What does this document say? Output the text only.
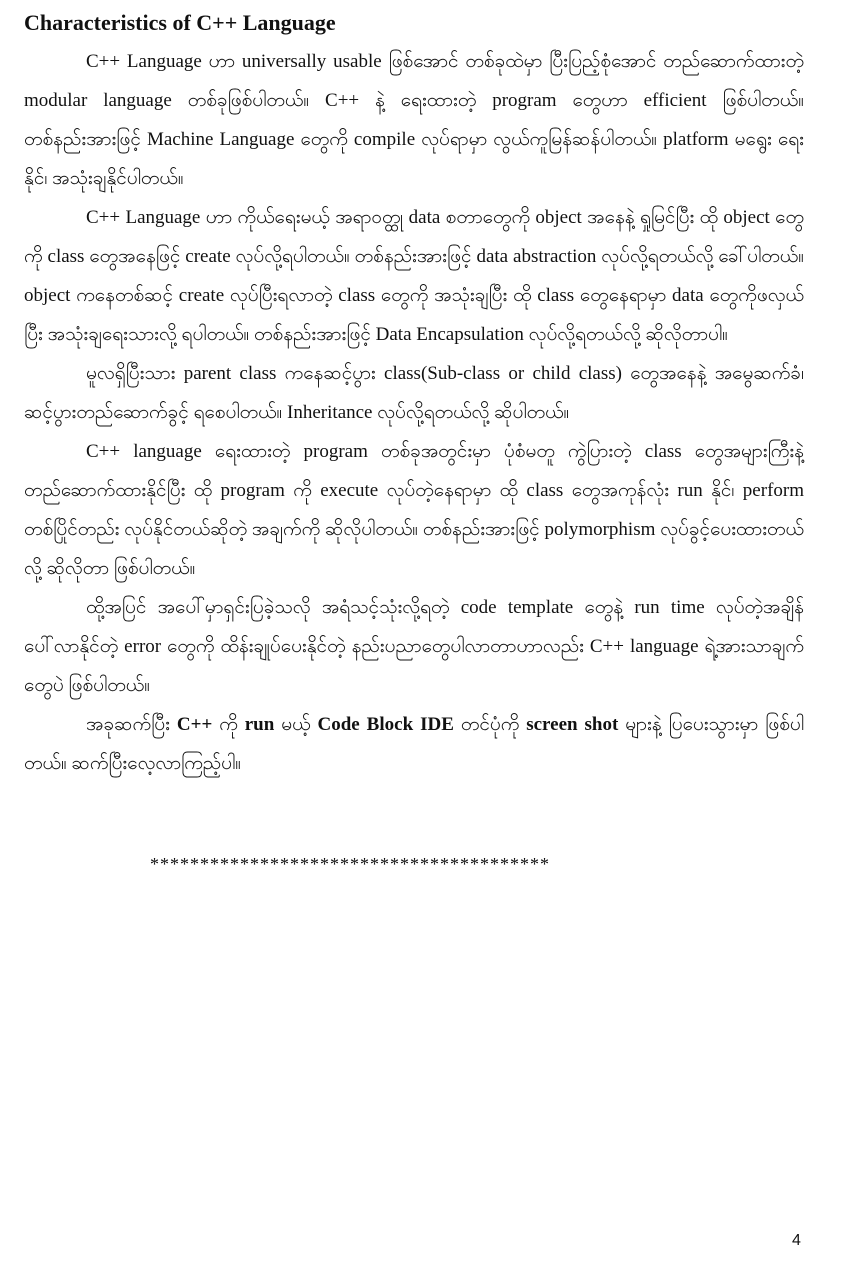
Characteristics of C++ Language

C++ Language ဟာ universally usable ဖြစ်အောင် တစ်ခုထဲမှာ ပြီးပြည့်စုံအောင် တည်ဆောက်ထားတဲ့ modular language တစ်ခုဖြစ်ပါတယ်။ C++ နဲ့ ရေးထားတဲ့ program တွေဟာ efficient ဖြစ်ပါတယ်။ တစ်နည်းအားဖြင့် Machine Language တွေကို compile လုပ်ရာမှာ လွယ်ကူမြန်ဆန်ပါတယ်။ platform မရွေး ရေးနိုင်၊ အသုံးချနိုင်ပါတယ်။

C++ Language ဟာ ကိုယ်ရေးမယ့် အရာဝတ္ထု data စတာတွေကို object အနေနဲ့ ရှုမြင်ပြီး ထို object တွေကို class တွေအနေဖြင့် create လုပ်လို့ရပါတယ်။ တစ်နည်းအားဖြင့် data abstraction လုပ်လို့ရတယ်လို့ ခေါ်ပါတယ်။ object ကနေတစ်ဆင့် create လုပ်ပြီးရလာတဲ့ class တွေကို အသုံးချပြီး ထို class တွေနေရာမှာ data တွေကိုဖလှယ်ပြီး အသုံးချရေးသားလို့ ရပါတယ်။ တစ်နည်းအားဖြင့် Data Encapsulation လုပ်လို့ရတယ်လို့ ဆိုလိုတာပါ။

မူလရှိပြီးသား parent class ကနေဆင့်ပွား class(Sub-class or child class) တွေအနေနဲ့ အမွေဆက်ခံ၊ ဆင့်ပွားတည်ဆောက်ခွင့် ရစေပါတယ်။ Inheritance လုပ်လို့ရတယ်လို့ ဆိုပါတယ်။

C++ language ရေးထားတဲ့ program တစ်ခုအတွင်းမှာ ပုံစံမတူ ကွဲပြားတဲ့ class တွေအများကြီးနဲ့ တည်ဆောက်ထားနိုင်ပြီး ထို program ကို execute လုပ်တဲ့နေရာမှာ ထို class တွေအကုန်လုံး run နိုင်၊ perform တစ်ပြိုင်တည်း လုပ်နိုင်တယ်ဆိုတဲ့ အချက်ကို ဆိုလိုပါတယ်။ တစ်နည်းအားဖြင့် polymorphism လုပ်ခွင့်ပေးထားတယ်လို့ ဆိုလိုတာ ဖြစ်ပါတယ်။

ထို့အပြင် အပေါ်မှာရှင်းပြခဲ့သလို အရံသင့်သုံးလို့ရတဲ့ code template တွေနဲ့ run time လုပ်တဲ့အချိန်ပေါ်လာနိုင်တဲ့ error တွေကို ထိန်းချုပ်ပေးနိုင်တဲ့ နည်းပညာတွေပါလာတာဟာလည်း C++ language ရဲ့အားသာချက်တွေပဲ ဖြစ်ပါတယ်။

အခုဆက်ပြီး C++ ကို run မယ့် Code Block IDE တင်ပုံကို screen shot များနဲ့ ပြပေးသွားမှာ ဖြစ်ပါတယ်။ ဆက်ပြီးလေ့လာကြည့်ပါ။

****************************************
4
